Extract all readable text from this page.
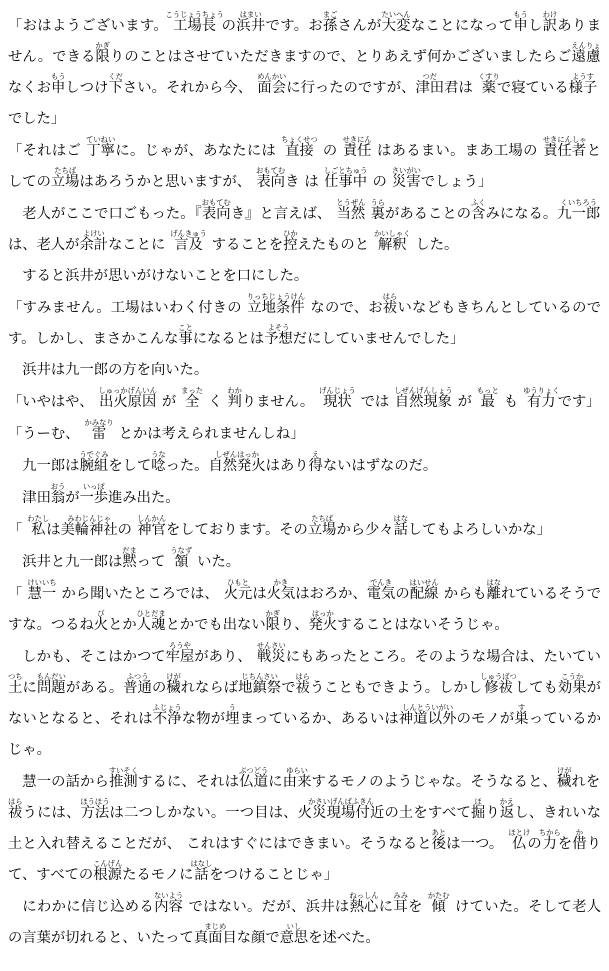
「おはようございます。工場長こうじょうちょうの浜井はまいです。お孫まごさんが大変たいへんなことになって申もうし訳わけありません。できる限かぎりのことはさせていただきますので、とりあえず何かございましたらご遠慮えんりょなくお申もうしつけ下ください。それから今、 面会めんかいに行ったのですが、津田つだ君は 薬くすりで寝ている様子ようすでした」

「それはご 丁寧ていねいに。じゃが、あなたには 直接ちょくせつの 責任せきにんはあるまい。まあ工場の 責任者せきにんしゃとしての立場たちばはあろうかと思いますが、 表向おもてむき は 仕事中しごとちゅうの 災害さいがいでしょう」

老人がここで口ごもった。『表向おもてむき』と言えば、 当然とうぜん裏うらがあることの含ふくみになる。九一郎くいちろうは、老人が余計よけいなことに 言及げんきゅうすることを控ひかえたものと 解釈かいしゃくした。

すると浜井が思いがけないことを口にした。

「すみません。工場はいわく付きの 立地条件りっちじょうけんなので、お祓はらいなどもきちんとしているのです。しかし、まさかこんな事ことになるとは予想よそうだにしていませんでした」

浜井は九一郎の方を向いた。

「いやはや、 出火原因しゅっかげんいんが 全まったく 判わかりません。 現状げんじょうでは 自然現象しぜんげんしょうが 最もっとも 有力ゆうりょくです」

「うーむ、 雷かみなりとかは考えられませんしね」

九一郎は腕組うでぐみをして唸うなった。自然発火しぜんはっかはあり得えないはずなのだ。

津田翁おうが一歩いっぽ進み出た。

「 私わたしは美輪神社みわじんじゃの 神官しんかんをしております。その立場たちばから少々話はなしてもよろしいかな」

浜井と九一郎は黙だまって 頷うなずいた。

「 慧一けいいちから聞いたところでは、 火元ひもとは火気かきはおろか、電気でんきの配線はいせんからも離はなれているそうですな。つるね火びとか人魂ひとだまとかでも出ない限かぎり、発火はっかすることはないそうじゃ。

しかも、そこはかつて牢屋ろうやがあり、 戦災せんさいにもあったところ。そのような場合は、たいてい土つちに問題もんだいがある。普通ふつうの穢けがれならば地鎮祭じちんさいで祓はらうこともできよう。しかし修祓しゅうばつしても効果こうかがないとなると、それは不浄ふじょうな物が埋うまっているか、あるいは神道以外しんとういがいのモノが巣すっているかじゃ。

慧一の話から推測すいそくするに、それは仏道ぶつどうに由来ゆらいするモノのようじゃな。そうなると、穢けがれを祓はらうには、方法ほうほうは二つしかない。一つ目は、火災現場付近かさいげんばふきんの土をすべて掘ほり返かえし、きれいな土と入れ替えることだが、 これはすぐにはできまい。そうなると後あとは一つ。 仏ほとけの力ちからを借かりて、すべての根源こんげんたるモノに話はなしをつけることじゃ」

にわかに信じ込める内容ないようではない。だが、浜井は熱心ねっしんに耳みみを 傾かたむけていた。そして老人の言葉が切れると、いたって真面目まじめな顔で意思いしを述べた。
